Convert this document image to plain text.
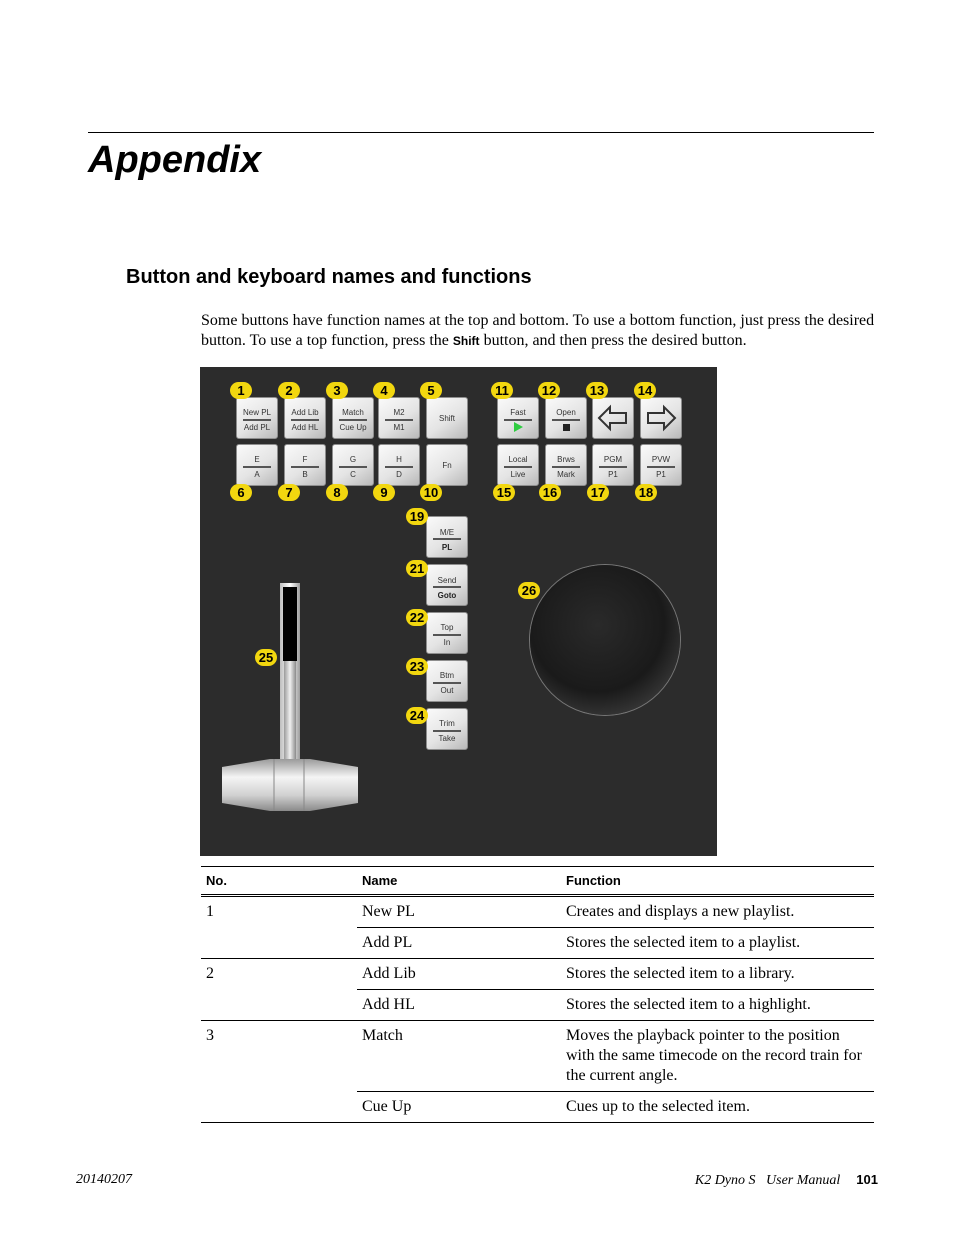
Appendix
Button and keyboard names and functions

Some buttons have function names at the top and bottom. To use a bottom function, just press the desired button. To use a top function, press the Shift button, and then press the desired button.

New PL
Add PL
Add Lib
Add HL
Match
Cue Up
M2
M1
Shift
Fast	Open
E
A
F
B
G
C
H
D
Fn
Local
Live
Brws
Mark
PGM
P1
PVW
P1
M/E
PL
Send
Goto
Top
In
Btm
Out
Trim
Take
1	2	3	4	5	11	12	13	14
6	7	8	9	10	15 16	17	18
19
21
22
23
24
25
26
No.	Name	Function
1	New PL	Creates and displays a new playlist.
	Add PL	Stores the selected item to a playlist.
2	Add Lib	Stores the selected item to a library.
	Add HL	Stores the selected item to a highlight.
3	Match	Moves the playback pointer to the position with the same timecode on the record train for the current angle.
	Cue Up	Cues up to the selected item.
20140207	K2 Dyno S   User Manual 101
